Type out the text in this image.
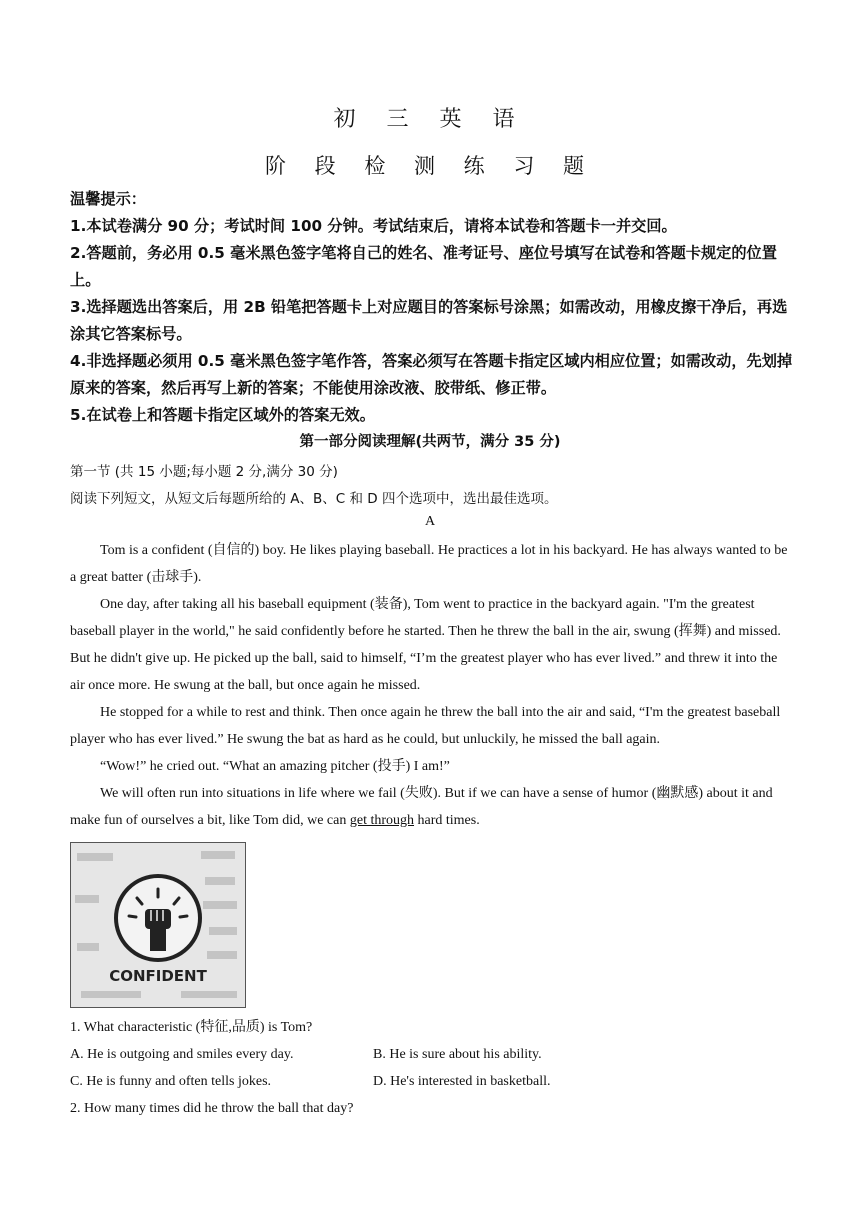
初 三 英 语
阶 段 检 测 练 习 题

温馨提示：

1.本试卷满分 90 分；考试时间 100 分钟。考试结束后，请将本试卷和答题卡一并交回。

2.答题前，务必用 0.5 毫米黑色签字笔将自己的姓名、准考证号、座位号填写在试卷和答题卡规定的位置上。

3.选择题选出答案后，用 2B 铅笔把答题卡上对应题目的答案标号涂黑；如需改动，用橡皮擦干净后，再选涂其它答案标号。

4.非选择题必须用 0.5 毫米黑色签字笔作答，答案必须写在答题卡指定区域内相应位置；如需改动，先划掉原来的答案，然后再写上新的答案；不能使用涂改液、胶带纸、修正带。

5.在试卷上和答题卡指定区域外的答案无效。

第一部分阅读理解(共两节，满分 35 分)
第一节 (共 15 小题;每小题 2 分,满分 30 分)
阅读下列短文，从短文后每题所给的 A、B、C 和 D 四个选项中，选出最佳选项。
A

Tom is a confident (自信的) boy. He likes playing baseball. He practices a lot in his backyard. He has always wanted to be a great batter (击球手).

One day, after taking all his baseball equipment (装备), Tom went to practice in the backyard again. "I'm the greatest baseball player in the world," he said confidently before he started. Then he threw the ball in the air, swung (挥舞) and missed. But he didn't give up. He picked up the ball, said to himself, “I’m the greatest player who has ever lived.” and threw it into the air once more. He swung at the ball, but once again he missed.

He stopped for a while to rest and think. Then once again he threw the ball into the air and said, “I'm the greatest baseball player who has ever lived.” He swung the bat as hard as he could, but unluckily, he missed the ball again.

“Wow!” he cried out. “What an amazing pitcher (投手) I am!”

We will often run into situations in life where we fail (失败). But if we can have a sense of humor (幽默感) about it and make fun of ourselves a bit, like Tom did, we can get through hard times.

CONFIDENT
1. What characteristic (特征,品质) is Tom?
A. He is outgoing and smiles every day.	B. He is sure about his ability.
C. He is funny and often tells jokes.	D. He's interested in basketball.
2. How many times did he throw the ball that day?
